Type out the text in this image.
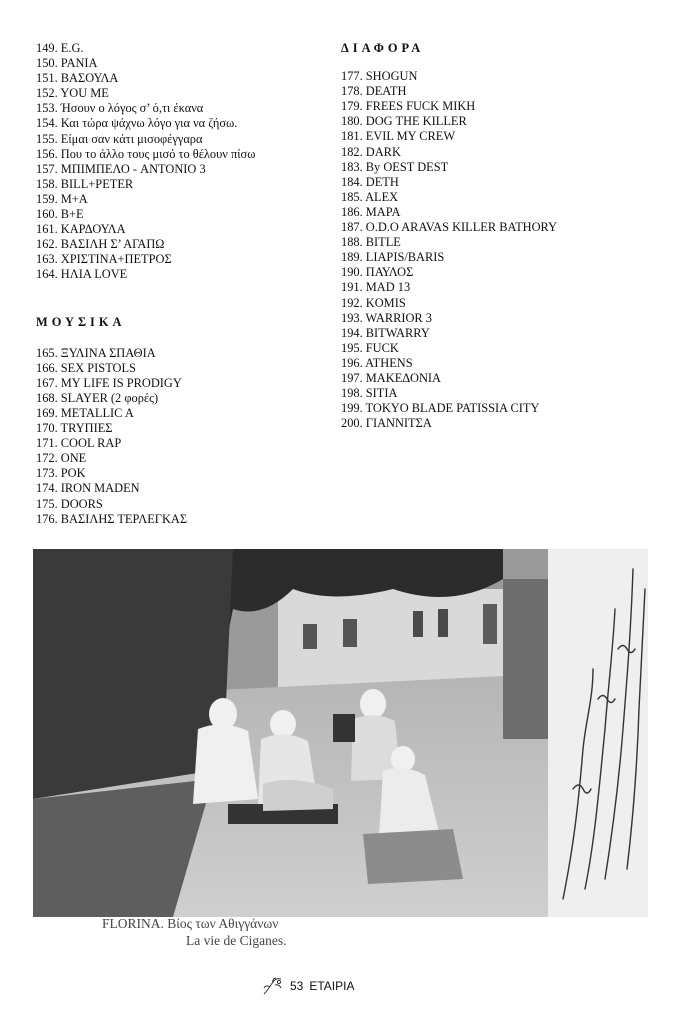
149. E.G.
150. PANIA
151. ΒΑΣΟΥΛΑ
152. YOU ME
153. Ήσουν ο λόγος σ’ ό,τι έκανα
154. Και τώρα ψάχνω λόγο για να ζήσω.
155. Είμαι σαν κάτι μισοφέγγαρα
156. Που το άλλο τους μισό το θέλουν πίσω
157. ΜΠΙΜΠΕΛΟ - ANTONIO 3
158. BILL+PETER
159. M+A
160. B+E
161. ΚΑΡΔΟΥΛΑ
162. ΒΑΣΙΛΗ Σ’ ΑΓΑΠΩ
163. ΧΡΙΣΤΙΝΑ+ΠΕΤΡΟΣ
164. ΗΛΙΑ LOVE
ΜΟΥΣΙΚΑ
165. ΞΥΛΙΝΑ ΣΠΑΘΙΑ
166. SEX PISTOLS
167. MY LIFE IS PRODIGY
168. SLAYER (2 φορές)
169. METALLIC A
170. TRYΠΙΕΣ
171. COOL RAP
172. ONE
173. POK
174. IRON MADEN
175. DOORS
176. ΒΑΣΙΛΗΣ ΤΕΡΛΕΓΚΑΣ
ΔΙΑΦΟΡΑ
177. SHOGUN
178. DEATH
179. FREES FUCK MIKH
180. DOG THE KILLER
181. EVIL MY CREW
182. DARK
183. By OEST DEST
184. DETH
185. ALEX
186. MAPA
187. O.D.O ARAVAS KILLER BATHORY
188. BITLE
189. LIAPIS/BARIS
190. ΠΑΥΛΟΣ
191. MAD 13
192. KOMIS
193. WARRIOR 3
194. BITWARRY
195. FUCK
196. ATHENS
197. ΜΑΚΕΔΟΝΙΑ
198. SITIA
199. TOKYO BLADE PATISSIA CITY
200. ΓΙΑΝΝΙΤΣΑ
FLORINA. Βίος των Αθιγγάνων

La vie de Ciganes.
53 ΕΤΑΙΡΙΑ
